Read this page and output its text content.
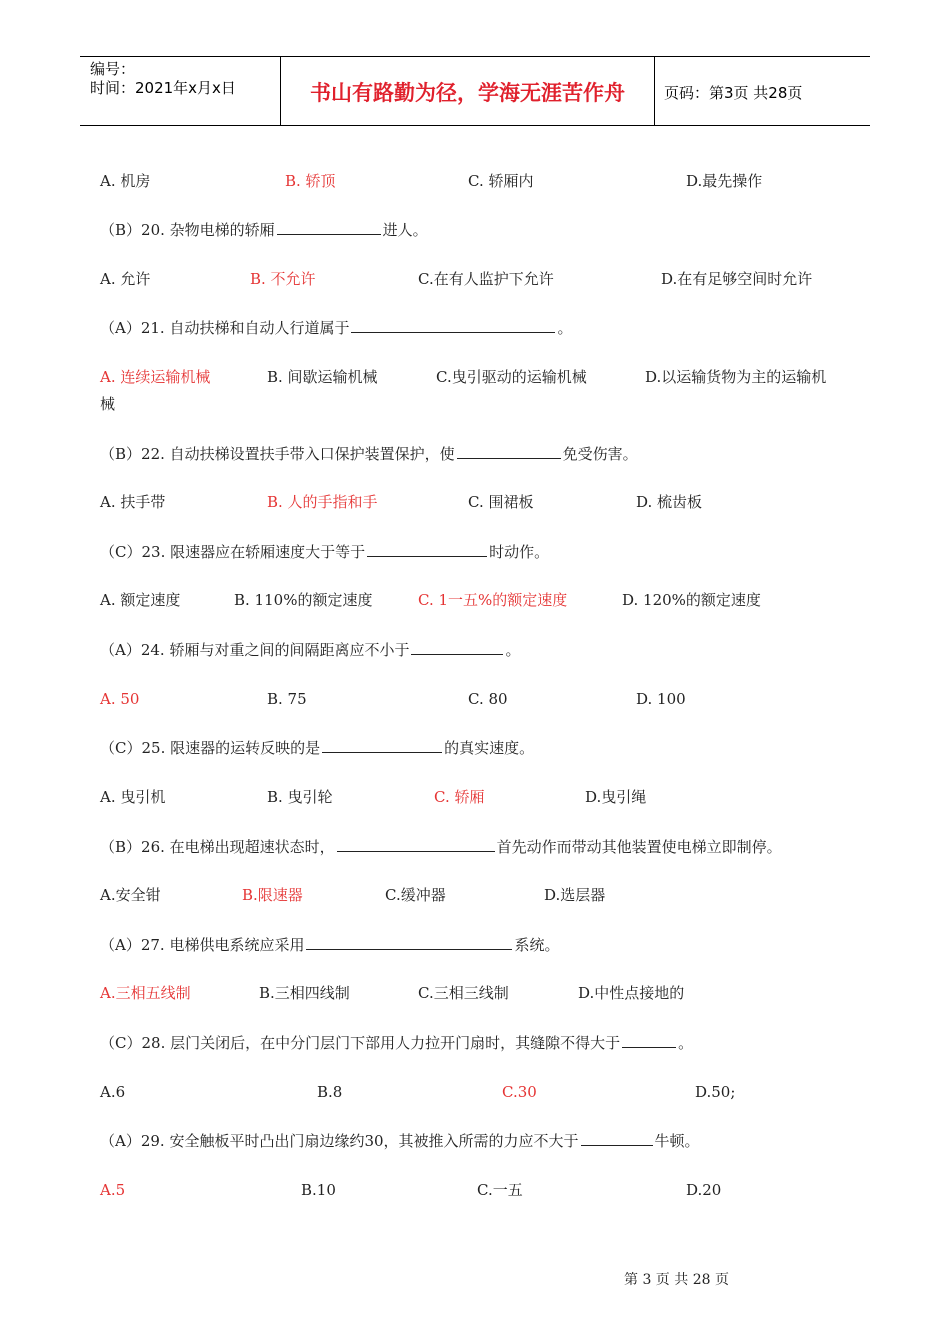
编号：
时间：2021年x月x日	书山有路勤为径，学海无涯苦作舟	页码：第3页 共28页
A. 机房	B. 轿顶	C. 轿厢内	D.最先操作
（B）20. 杂物电梯的轿厢	进人。
A. 允许	B. 不允许	C.在有人监护下允许	D.在有足够空间时允许
（A）21. 自动扶梯和自动人行道属于	。
A. 连续运输机械	B. 间歇运输机械	C.曳引驱动的运输机械	D.以运输货物为主的运输机
械
（B）22. 自动扶梯设置扶手带入口保护装置保护，使	免受伤害。
A. 扶手带	B. 人的手指和手	C. 围裙板	D. 梳齿板
（C）23. 限速器应在轿厢速度大于等于	时动作。
A. 额定速度	B. 110%的额定速度	C. 1一五%的额定速度	D. 120%的额定速度
（A）24. 轿厢与对重之间的间隔距离应不小于	。
A. 50	B. 75	C. 80	D. 100
（C）25. 限速器的运转反映的是	的真实速度。
A. 曳引机	B. 曳引轮	C. 轿厢	D.曳引绳
（B）26. 在电梯出现超速状态时，	首先动作而带动其他装置使电梯立即制停。
A.安全钳	B.限速器	C.缓冲器	D.选层器
（A）27. 电梯供电系统应采用	系统。
A.三相五线制	B.三相四线制	C.三相三线制	D.中性点接地的
（C）28. 层门关闭后，在中分门层门下部用人力拉开门扇时，其缝隙不得大于	。
A.6	B.8	C.30	D.50;
（A）29. 安全触板平时凸出门扇边缘约30，其被推入所需的力应不大于	牛顿。
A.5	B.10	C.一五	D.20
第 3 页 共 28 页
